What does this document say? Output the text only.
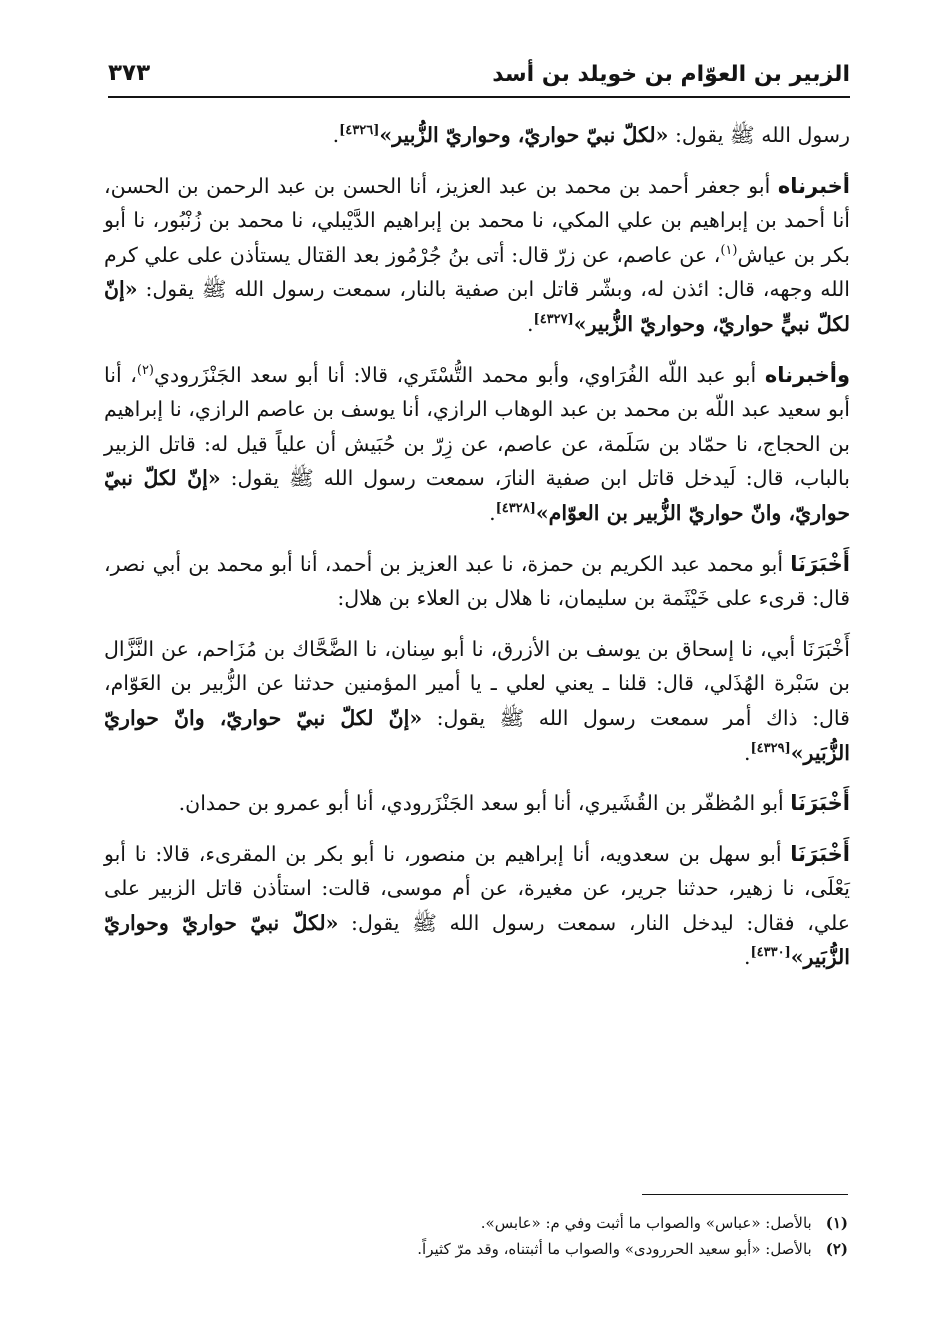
الزبير بن العوّام بن خويلد بن أسد
٣٧٣

رسول الله ﷺ يقول: «لكلّ نبيّ حواريّ، وحواريّ الزُّبير»[٤٣٢٦].

أخبرناه أبو جعفر أحمد بن محمد بن عبد العزيز، أنا الحسن بن عبد الرحمن بن الحسن، أنا أحمد بن إبراهيم بن علي المكي، نا محمد بن إبراهيم الدَّيْبلي، نا محمد بن زُنْبُور، نا أبو بكر بن عياش$^{(١)}$، عن عاصم، عن زرّ قال: أتى بنُ جُرْمُوز بعد القتال يستأذن على علي كرم الله وجهه، قال: ائذن له، وبشّر قاتل ابن صفية بالنار، سمعت رسول الله ﷺ يقول: «إنّ لكلّ نبيٍّ حواريّ، وحواريّ الزُّبير»[٤٣٢٧].

وأخبرناه أبو عبد اللّه الفُرَاوي، وأبو محمد التُّسْتَري، قالا: أنا أبو سعد الجَنْزَرودي$^{(٢)}$، أنا أبو سعيد عبد اللّه بن محمد بن عبد الوهاب الرازي، أنا يوسف بن عاصم الرازي، نا إبراهيم بن الحجاج، نا حمّاد بن سَلَمة، عن عاصم، عن زِرّ بن حُبَيش أن علياً قيل له: قاتل الزبير بالباب، قال: لَيدخل قاتل ابن صفية النارَ، سمعت رسول الله ﷺ يقول: «إنّ لكلّ نبيّ حواريّ، وانّ حواريّ الزُّبير بن العوّام»[٤٣٢٨].

أَخْبَرَنَا أبو محمد عبد الكريم بن حمزة، نا عبد العزيز بن أحمد، أنا أبو محمد بن أبي نصر، قال: قرىء على خَيْثَمة بن سليمان، نا هلال بن العلاء بن هلال:

أَخْبَرَنَا أبي، نا إسحاق بن يوسف بن الأزرق، نا أبو سِنان، نا الضَّحَّاك بن مُزَاحم، عن النَّزَّال بن سَبْرة الهُذَلي، قال: قلنا ـ يعني لعلي ـ يا أمير المؤمنين حدثنا عن الزُّبير بن العَوّام، قال: ذاك أمر سمعت رسول الله ﷺ يقول: «إنّ لكلّ نبيّ حواريّ، وانّ حواريّ الزُّبَير»[٤٣٢٩].

أَخْبَرَنَا أبو المُظفّر بن القُشَيري، أنا أبو سعد الجَنْزَرودي، أنا أبو عمرو بن حمدان.

أَخْبَرَنَا أبو سهل بن سعدويه، أنا إبراهيم بن منصور، نا أبو بكر بن المقرىء، قالا: نا أبو يَعْلَى، نا زهير، حدثنا جرير، عن مغيرة، عن أم موسى، قالت: استأذن قاتل الزبير على علي، فقال: ليدخل النار، سمعت رسول الله ﷺ يقول: «لكلّ نبيّ حواريّ وحواريّ الزُّبَير»[٤٣٣٠].

(١)بالأصل: «عباس» والصواب ما أثبت وفي م: «عابس».
(٢)بالأصل: «أبو سعيد الحررودى» والصواب ما أثبتناه، وقد مرّ كثيراً.
